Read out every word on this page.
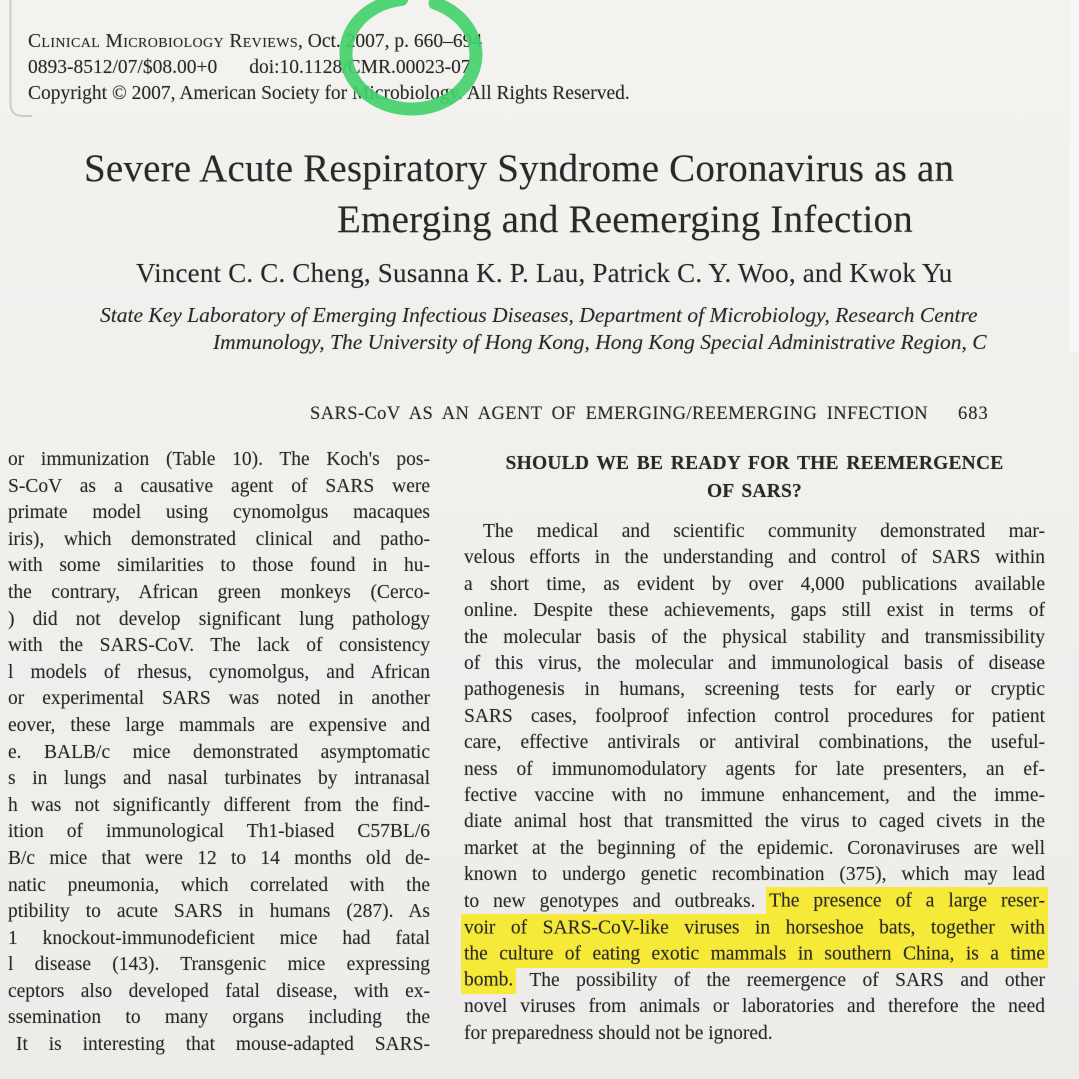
Clinical Microbiology Reviews, Oct. 2007, p. 660–694
0893-8512/07/$08.00+0 doi:10.1128/CMR.00023-07
Copyright © 2007, American Society for Microbiology. All Rights Reserved.
Severe Acute Respiratory Syndrome Coronavirus as an
Emerging and Reemerging Infection
Vincent C. C. Cheng, Susanna K. P. Lau, Patrick C. Y. Woo, and Kwok Yu
State Key Laboratory of Emerging Infectious Diseases, Department of Microbiology, Research Centre
Immunology, The University of Hong Kong, Hong Kong Special Administrative Region, C
SARS-CoV AS AN AGENT OF EMERGING/REEMERGING INFECTION 683
or immunization (Table 10). The Koch's pos-
S-CoV as a causative agent of SARS were
primate model using cynomolgus macaques
iris), which demonstrated clinical and patho-
with some similarities to those found in hu-
the contrary, African green monkeys (Cerco-
) did not develop significant lung pathology
with the SARS-CoV. The lack of consistency
l models of rhesus, cynomolgus, and African
or experimental SARS was noted in another
eover, these large mammals are expensive and
e. BALB/c mice demonstrated asymptomatic
s in lungs and nasal turbinates by intranasal
h was not significantly different from the find-
ition of immunological Th1-biased C57BL/6
B/c mice that were 12 to 14 months old de-
natic pneumonia, which correlated with the
ptibility to acute SARS in humans (287). As
1 knockout-immunodeficient mice had fatal
l disease (143). Transgenic mice expressing
ceptors also developed fatal disease, with ex-
ssemination to many organs including the
It is interesting that mouse-adapted SARS-
SHOULD WE BE READY FOR THE REEMERGENCE
OF SARS?
The medical and scientific community demonstrated mar-
velous efforts in the understanding and control of SARS within
a short time, as evident by over 4,000 publications available
online. Despite these achievements, gaps still exist in terms of
the molecular basis of the physical stability and transmissibility
of this virus, the molecular and immunological basis of disease
pathogenesis in humans, screening tests for early or cryptic
SARS cases, foolproof infection control procedures for patient
care, effective antivirals or antiviral combinations, the useful-
ness of immunomodulatory agents for late presenters, an ef-
fective vaccine with no immune enhancement, and the imme-
diate animal host that transmitted the virus to caged civets in the
market at the beginning of the epidemic. Coronaviruses are well
known to undergo genetic recombination (375), which may lead
to new genotypes and outbreaks. The presence of a large reser-
voir of SARS-CoV-like viruses in horseshoe bats, together with
the culture of eating exotic mammals in southern China, is a time
bomb. The possibility of the reemergence of SARS and other
novel viruses from animals or laboratories and therefore the need
for preparedness should not be ignored.
